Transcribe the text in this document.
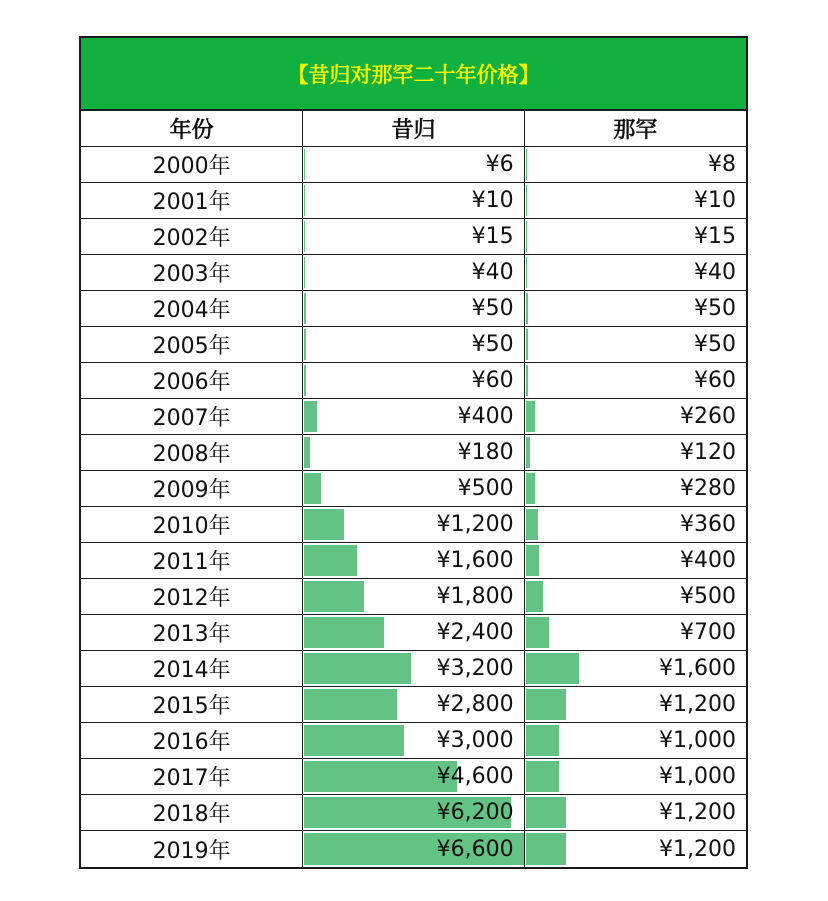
【昔归对那罕二十年价格】
年份	昔归	那罕
2000年	¥6	¥8
2001年	¥10	¥10
2002年	¥15	¥15
2003年	¥40	¥40
2004年	¥50	¥50
2005年	¥50	¥50
2006年	¥60	¥60
2007年	¥400	¥260
2008年	¥180	¥120
2009年	¥500	¥280
2010年	¥1,200	¥360
2011年	¥1,600	¥400
2012年	¥1,800	¥500
2013年	¥2,400	¥700
2014年	¥3,200	¥1,600
2015年	¥2,800	¥1,200
2016年	¥3,000	¥1,000
2017年	¥4,600	¥1,000
2018年	¥6,200	¥1,200
2019年	¥6,600	¥1,200
